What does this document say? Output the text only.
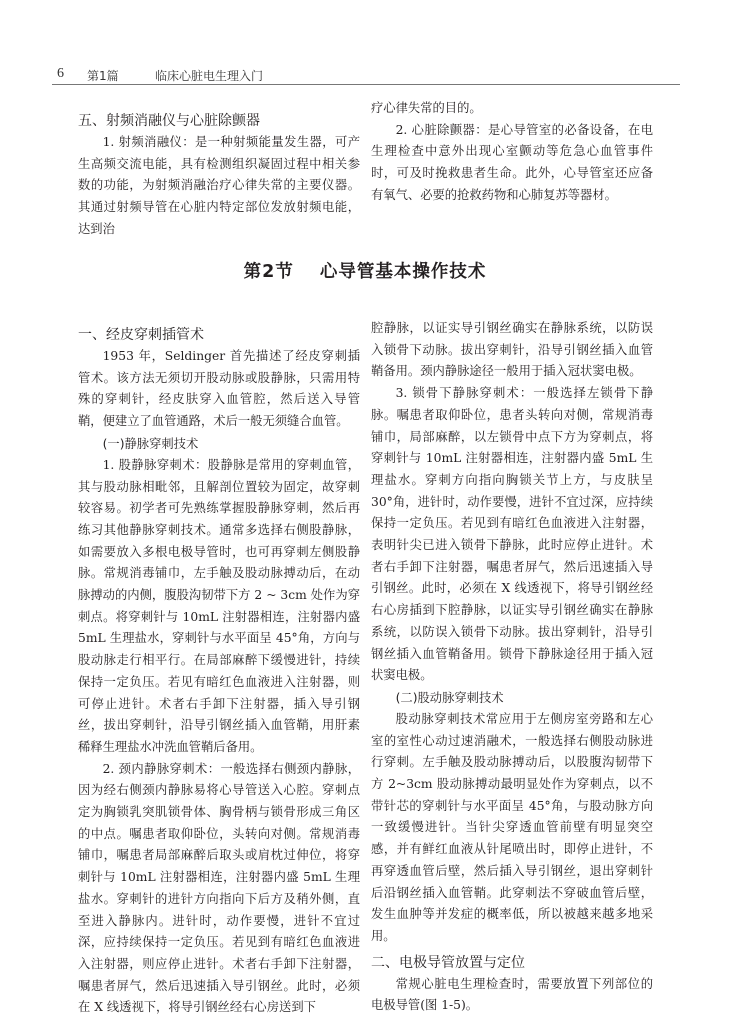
6 第1篇	临床心脏电生理入门

五、射频消融仪与心脏除颤器

1. 射频消融仪：是一种射频能量发生器，可产生高频交流电能，具有检测组织凝固过程中相关参数的功能，为射频消融治疗心律失常的主要仪器。其通过射频导管在心脏内特定部位发放射频电能，达到治

疗心律失常的目的。

2. 心脏除颤器：是心导管室的必备设备，在电生理检查中意外出现心室颤动等危急心血管事件时，可及时挽救患者生命。此外，心导管室还应备有氧气、必要的抢救药物和心肺复苏等器材。

第2节 心导管基本操作技术

一、经皮穿刺插管术

1953 年，Seldinger 首先描述了经皮穿刺插管术。该方法无须切开股动脉或股静脉，只需用特殊的穿刺针，经皮肤穿入血管腔，然后送入导管鞘，便建立了血管通路，术后一般无须缝合血管。

(一)静脉穿刺技术

1. 股静脉穿刺术：股静脉是常用的穿刺血管，其与股动脉相毗邻，且解剖位置较为固定，故穿刺较容易。初学者可先熟练掌握股静脉穿刺，然后再练习其他静脉穿刺技术。通常多选择右侧股静脉，如需要放入多根电极导管时，也可再穿刺左侧股静脉。常规消毒铺巾，左手触及股动脉搏动后，在动脉搏动的内侧，腹股沟韧带下方 2 ~ 3cm 处作为穿刺点。将穿刺针与 10mL 注射器相连，注射器内盛 5mL 生理盐水，穿刺针与水平面呈 45°角，方向与股动脉走行相平行。在局部麻醉下缓慢进针，持续保持一定负压。若见有暗红色血液进入注射器，则可停止进针。术者右手卸下注射器，插入导引钢丝，拔出穿刺针，沿导引钢丝插入血管鞘，用肝素稀释生理盐水冲洗血管鞘后备用。

2. 颈内静脉穿刺术：一般选择右侧颈内静脉，因为经右侧颈内静脉易将心导管送入心腔。穿刺点定为胸锁乳突肌锁骨体、胸骨柄与锁骨形成三角区的中点。嘱患者取仰卧位，头转向对侧。常规消毒铺巾，嘱患者局部麻醉后取头或肩枕过伸位，将穿刺针与 10mL 注射器相连，注射器内盛 5mL 生理盐水。穿刺针的进针方向指向下后方及稍外侧，直至进入静脉内。进针时，动作要慢，进针不宜过深，应持续保持一定负压。若见到有暗红色血液进入注射器，则应停止进针。术者右手卸下注射器，嘱患者屏气，然后迅速插入导引钢丝。此时，必须在 X 线透视下，将导引钢丝经右心房送到下

腔静脉，以证实导引钢丝确实在静脉系统，以防误入锁骨下动脉。拔出穿刺针，沿导引钢丝插入血管鞘备用。颈内静脉途径一般用于插入冠状窦电极。

3. 锁骨下静脉穿刺术：一般选择左锁骨下静脉。嘱患者取仰卧位，患者头转向对侧，常规消毒铺巾，局部麻醉，以左锁骨中点下方为穿刺点，将穿刺针与 10mL 注射器相连，注射器内盛 5mL 生理盐水。穿刺方向指向胸锁关节上方，与皮肤呈 30°角，进针时，动作要慢，进针不宜过深，应持续保持一定负压。若见到有暗红色血液进入注射器，表明针尖已进入锁骨下静脉，此时应停止进针。术者右手卸下注射器，嘱患者屏气，然后迅速插入导引钢丝。此时，必须在 X 线透视下，将导引钢丝经右心房插到下腔静脉，以证实导引钢丝确实在静脉系统，以防误入锁骨下动脉。拔出穿刺针，沿导引钢丝插入血管鞘备用。锁骨下静脉途径用于插入冠状窦电极。

(二)股动脉穿刺技术

股动脉穿刺技术常应用于左侧房室旁路和左心室的室性心动过速消融术，一般选择右侧股动脉进行穿刺。左手触及股动脉搏动后，以股腹沟韧带下方 2~3cm 股动脉搏动最明显处作为穿刺点，以不带针芯的穿刺针与水平面呈 45°角，与股动脉方向一致缓慢进针。当针尖穿透血管前壁有明显突空感，并有鲜红血液从针尾喷出时，即停止进针，不再穿透血管后壁，然后插入导引钢丝，退出穿刺针后沿钢丝插入血管鞘。此穿刺法不穿破血管后壁，发生血肿等并发症的概率低，所以被越来越多地采用。

二、电极导管放置与定位

常规心脏电生理检查时，需要放置下列部位的电极导管(图 1-5)。
